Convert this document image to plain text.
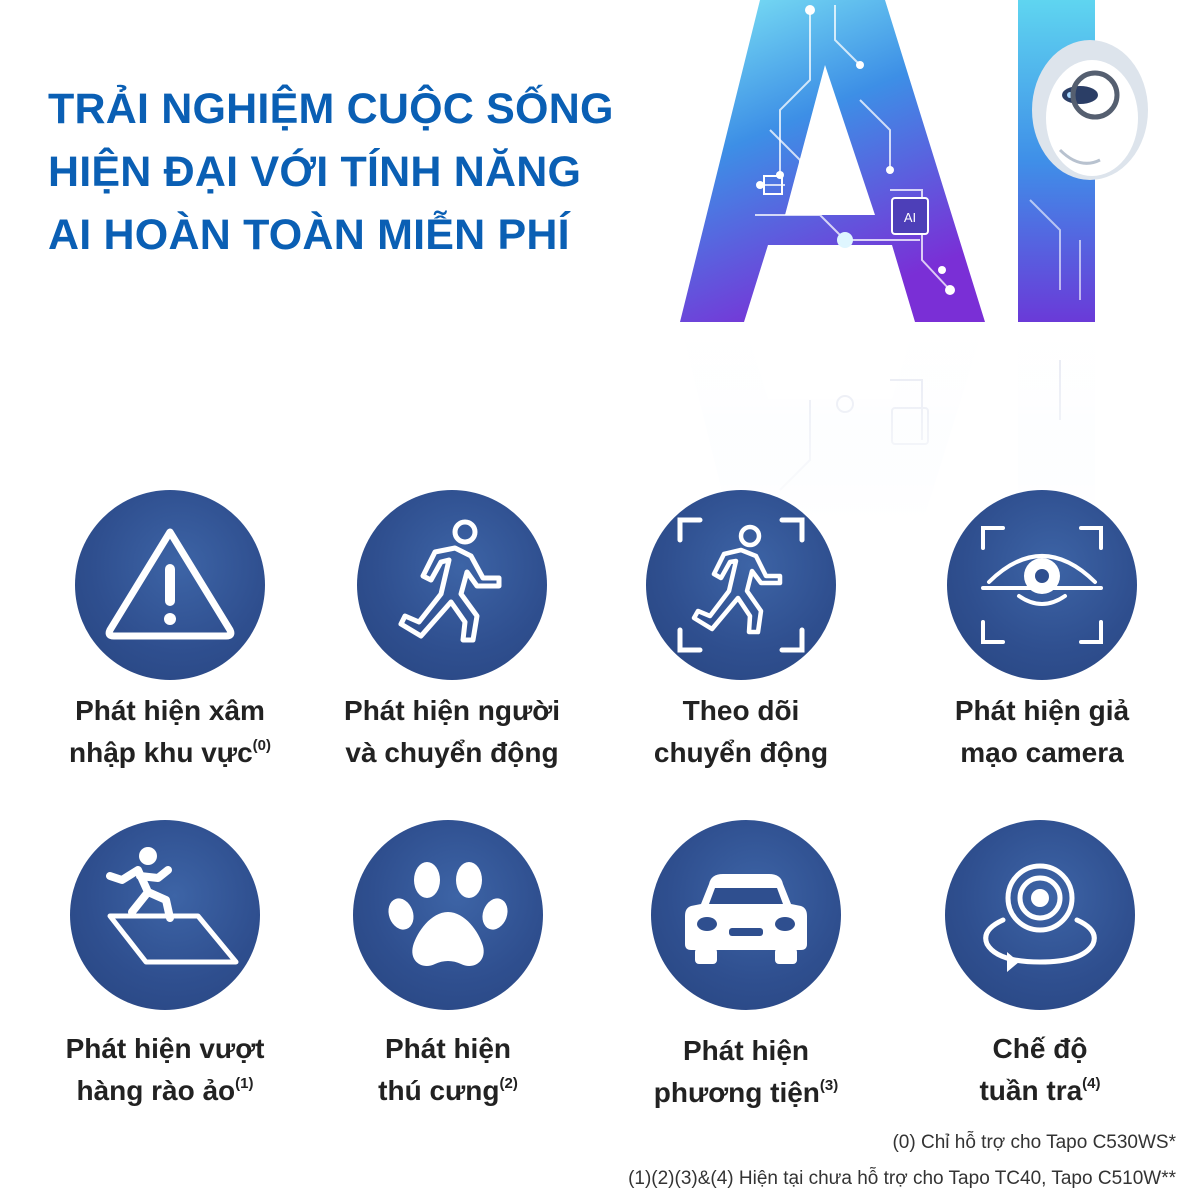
TRẢI NGHIỆM CUỘC SỐNG
HIỆN ĐẠI VỚI TÍNH NĂNG
AI HOÀN TOÀN MIỄN PHÍ	AI
Phát hiện xâm
nhập khu vực$^{(0)}$
Phát hiện người
và chuyển động
Theo dõi
chuyển động
Phát hiện giả
mạo camera
Phát hiện vượt
hàng rào ảo$^{(1)}$
Phát hiện
thú cưng$^{(2)}$
Phát hiện
phương tiện$^{(3)}$
Chế độ
tuần tra$^{(4)}$
(0) Chỉ hỗ trợ cho Tapo C530WS*
(1)(2)(3)&(4) Hiện tại chưa hỗ trợ cho Tapo TC40, Tapo C510W**
